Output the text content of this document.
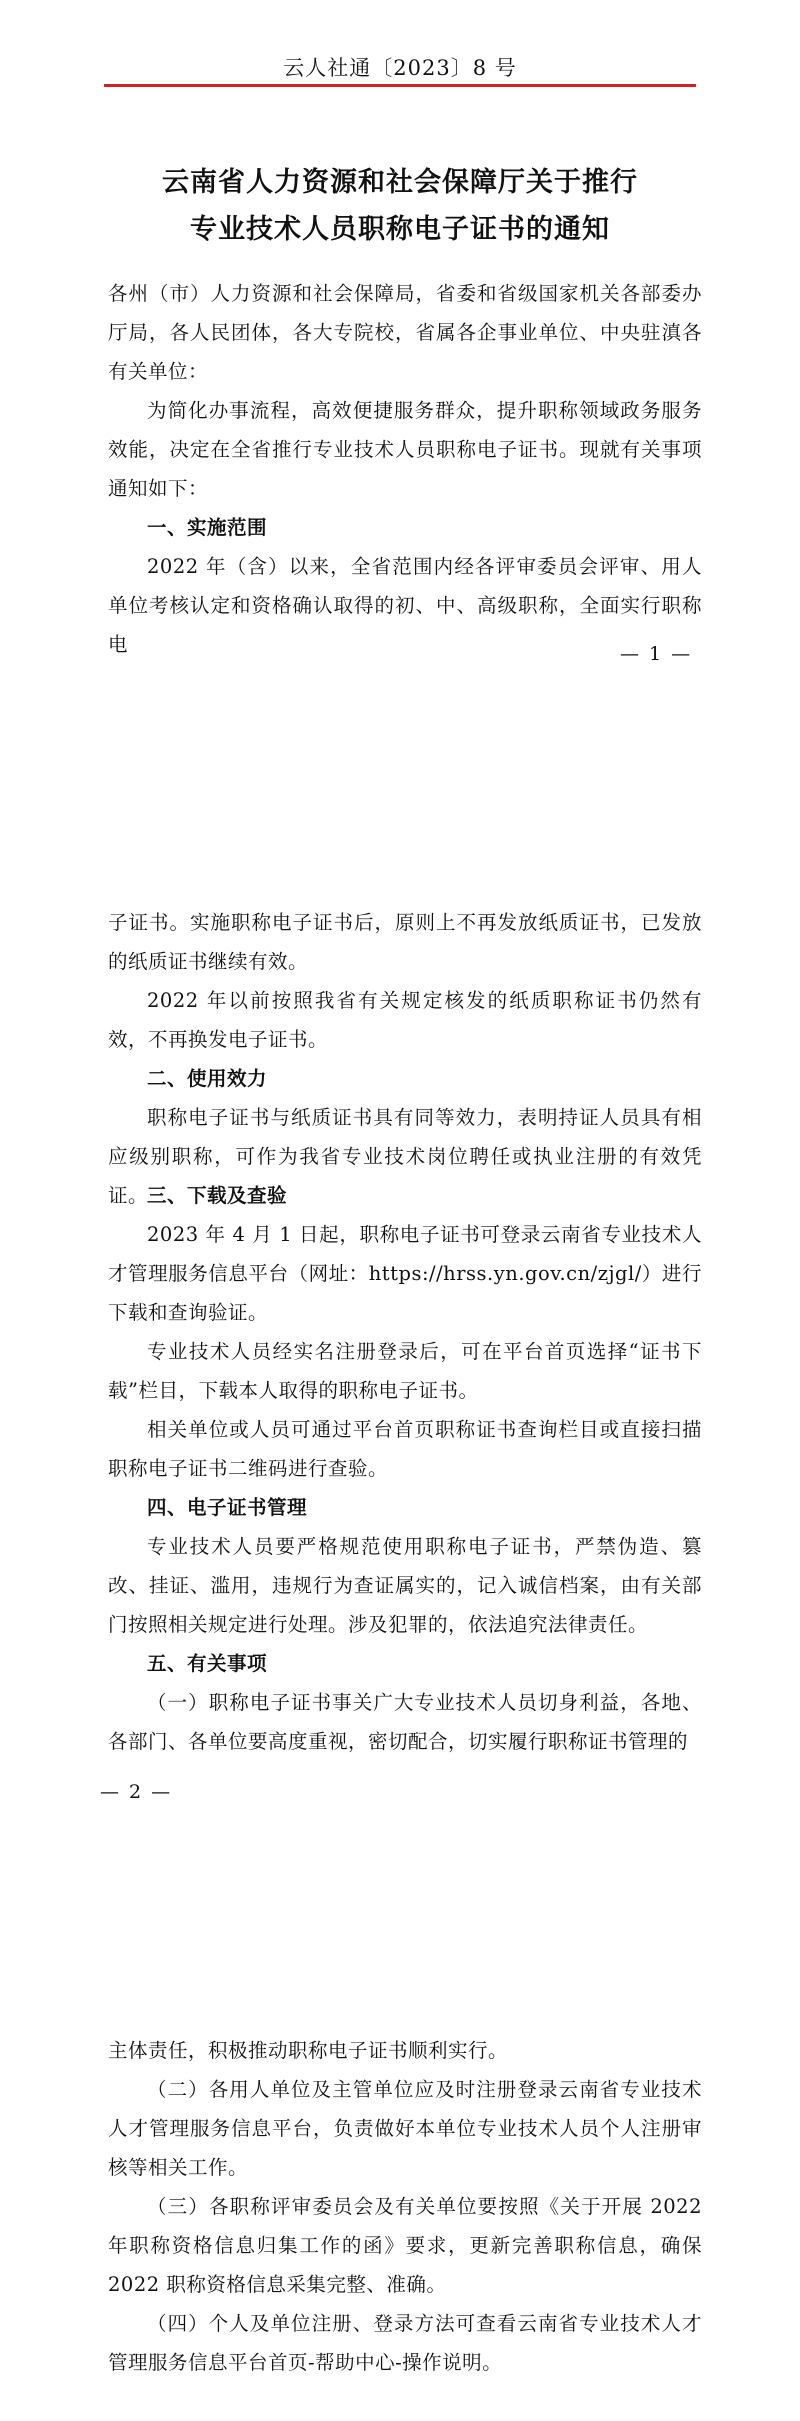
云人社通〔2023〕8 号
云南省人力资源和社会保障厅关于推行
专业技术人员职称电子证书的通知
各州（市）人力资源和社会保障局，省委和省级国家机关各部委办厅局，各人民团体，各大专院校，省属各企事业单位、中央驻滇各有关单位：
为简化办事流程，高效便捷服务群众，提升职称领域政务服务效能，决定在全省推行专业技术人员职称电子证书。现就有关事项通知如下：
一、实施范围
2022 年（含）以来，全省范围内经各评审委员会评审、用人单位考核认定和资格确认取得的初、中、高级职称，全面实行职称电	— 1 —
子证书。实施职称电子证书后，原则上不再发放纸质证书，已发放的纸质证书继续有效。
2022 年以前按照我省有关规定核发的纸质职称证书仍然有效，不再换发电子证书。
二、使用效力
职称电子证书与纸质证书具有同等效力，表明持证人员具有相应级别职称，可作为我省专业技术岗位聘任或执业注册的有效凭证。
三、下载及查验
2023 年 4 月 1 日起，职称电子证书可登录云南省专业技术人才管理服务信息平台（网址：https://hrss.yn.gov.cn/zjgl/）进行下载和查询验证。
专业技术人员经实名注册登录后，可在平台首页选择“证书下载”栏目，下载本人取得的职称电子证书。
相关单位或人员可通过平台首页职称证书查询栏目或直接扫描职称电子证书二维码进行查验。
四、电子证书管理
专业技术人员要严格规范使用职称电子证书，严禁伪造、篡改、挂证、滥用，违规行为查证属实的，记入诚信档案，由有关部门按照相关规定进行处理。涉及犯罪的，依法追究法律责任。
五、有关事项
（一）职称电子证书事关广大专业技术人员切身利益，各地、各部门、各单位要高度重视，密切配合，切实履行职称证书管理的
— 2 —
主体责任，积极推动职称电子证书顺利实行。
（二）各用人单位及主管单位应及时注册登录云南省专业技术人才管理服务信息平台，负责做好本单位专业技术人员个人注册审核等相关工作。
（三）各职称评审委员会及有关单位要按照《关于开展 2022 年职称资格信息归集工作的函》要求，更新完善职称信息，确保 2022 职称资格信息采集完整、准确。
（四）个人及单位注册、登录方法可查看云南省专业技术人才管理服务信息平台首页-帮助中心-操作说明。
